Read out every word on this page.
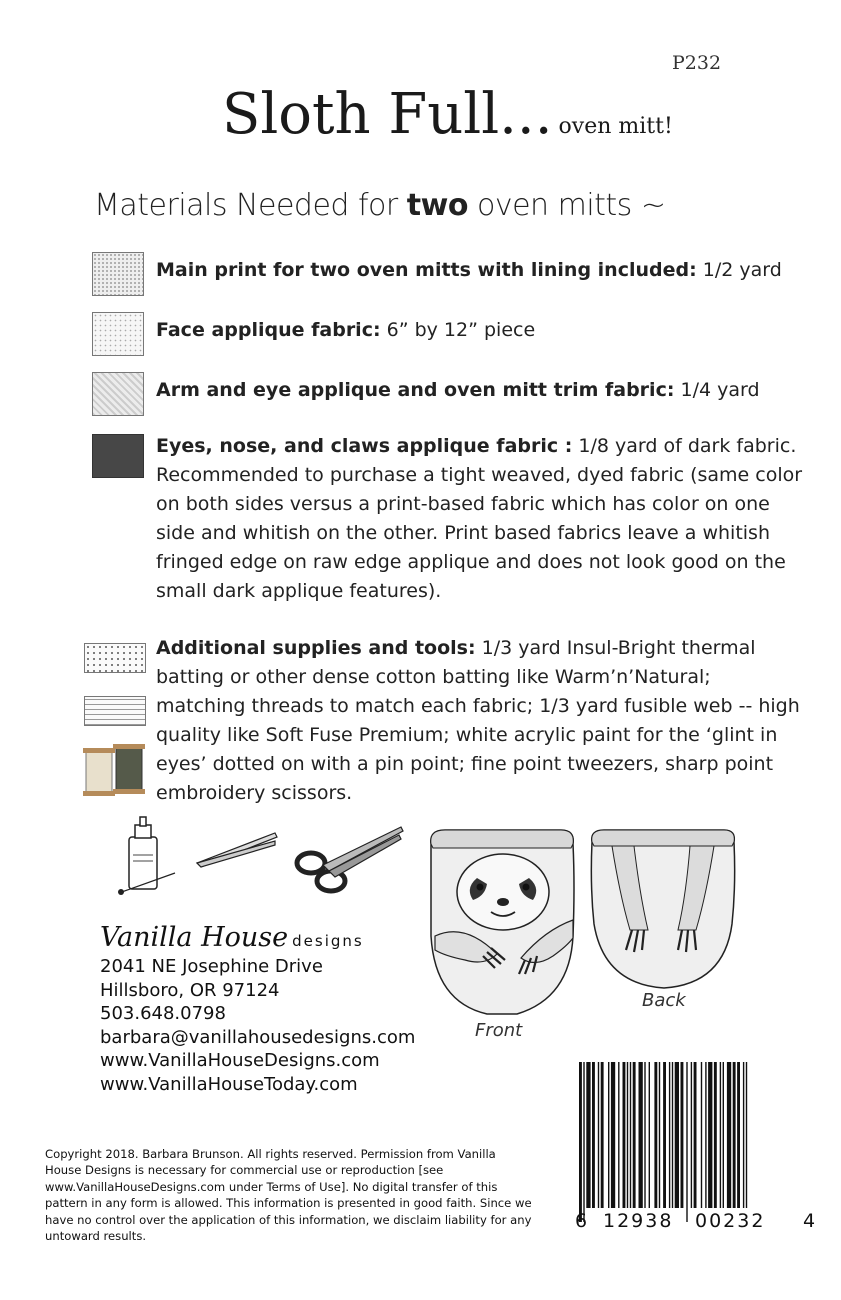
P232
Sloth Full... oven mitt!
Materials Needed for two oven mitts ~
Main print for two oven mitts with lining included: 1/2 yard
Face applique fabric: 6” by 12” piece
Arm and eye applique and oven mitt trim fabric: 1/4 yard
Eyes, nose, and claws applique fabric : 1/8 yard of dark fabric. Recommended to purchase a tight weaved, dyed fabric (same color on both sides versus a print-based fabric which has color on one side and whitish on the other. Print based fabrics leave a whitish fringed edge on raw edge applique and does not look good on the small dark applique features).
Additional supplies and tools: 1/3 yard Insul-Bright thermal batting or other dense cotton batting like Warm’n’Natural; matching threads to match each fabric; 1/3 yard fusible web -- high quality like Soft Fuse Premium; white acrylic paint for the ‘glint in eyes’ dotted on with a pin point; fine point tweezers, sharp point embroidery scissors.
Front
Back
Vanilla House designs
2041 NE Josephine Drive
Hillsboro, OR 97124
503.648.0798
barbara@vanillahousedesigns.com
www.VanillaHouseDesigns.com
www.VanillaHouseToday.com
Copyright 2018. Barbara Brunson. All rights reserved. Permission from Vanilla House Designs is necessary for commercial use or reproduction [see www.VanillaHouseDesigns.com under Terms of Use]. No digital transfer of this pattern in any form is allowed. This information is presented in good faith. Since we have no control over the application of this information, we disclaim liability for any untoward results.
6 12938 00232 4
